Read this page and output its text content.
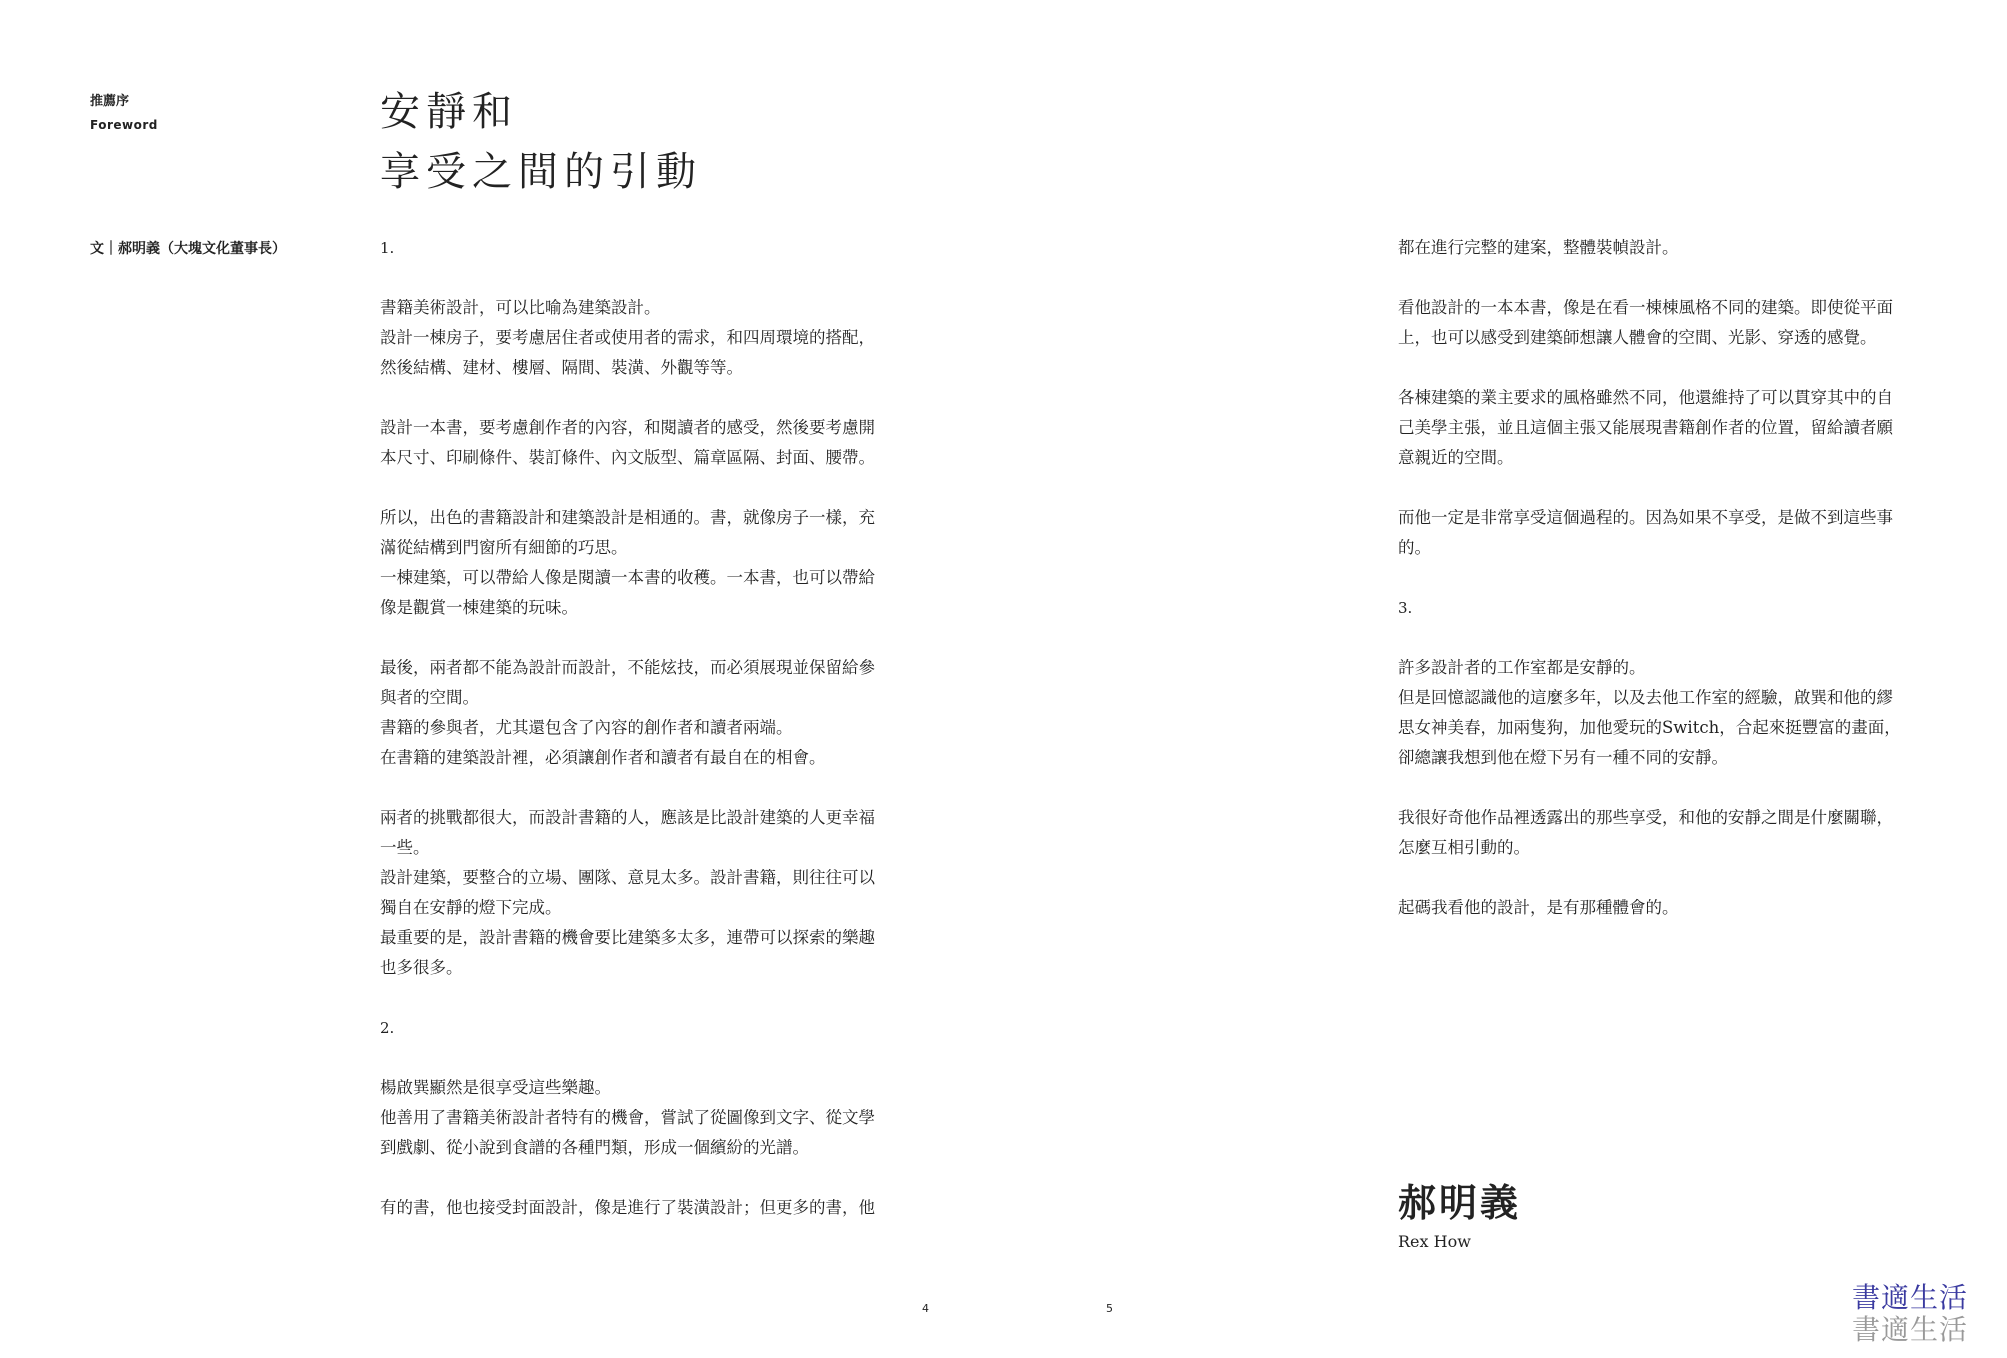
推薦序
Foreword
文｜郝明義（大塊文化董事長）
安靜和
享受之間的引動

1.

書籍美術設計，可以比喻為建築設計。
設計一棟房子，要考慮居住者或使用者的需求，和四周環境的搭配，
然後結構、建材、樓層、隔間、裝潢、外觀等等。

設計一本書，要考慮創作者的內容，和閱讀者的感受，然後要考慮開
本尺寸、印刷條件、裝訂條件、內文版型、篇章區隔、封面、腰帶。

所以，出色的書籍設計和建築設計是相通的。書，就像房子一樣，充
滿從結構到門窗所有細節的巧思。
一棟建築，可以帶給人像是閱讀一本書的收穫。一本書，也可以帶給
像是觀賞一棟建築的玩味。

最後，兩者都不能為設計而設計，不能炫技，而必須展現並保留給參
與者的空間。
書籍的參與者，尤其還包含了內容的創作者和讀者兩端。
在書籍的建築設計裡，必須讓創作者和讀者有最自在的相會。

兩者的挑戰都很大，而設計書籍的人，應該是比設計建築的人更幸福
一些。
設計建築，要整合的立場、團隊、意見太多。設計書籍，則往往可以
獨自在安靜的燈下完成。
最重要的是，設計書籍的機會要比建築多太多，連帶可以探索的樂趣
也多很多。

2.

楊啟巽顯然是很享受這些樂趣。
他善用了書籍美術設計者特有的機會，嘗試了從圖像到文字、從文學
到戲劇、從小說到食譜的各種門類，形成一個繽紛的光譜。

有的書，他也接受封面設計，像是進行了裝潢設計；但更多的書，他

都在進行完整的建案，整體裝幀設計。

看他設計的一本本書，像是在看一棟棟風格不同的建築。即使從平面
上，也可以感受到建築師想讓人體會的空間、光影、穿透的感覺。

各棟建築的業主要求的風格雖然不同，他還維持了可以貫穿其中的自
己美學主張，並且這個主張又能展現書籍創作者的位置，留給讀者願
意親近的空間。

而他一定是非常享受這個過程的。因為如果不享受，是做不到這些事
的。

3.

許多設計者的工作室都是安靜的。
但是回憶認識他的這麼多年，以及去他工作室的經驗，啟巽和他的繆
思女神美春，加兩隻狗，加他愛玩的Switch，合起來挺豐富的畫面，
卻總讓我想到他在燈下另有一種不同的安靜。

我很好奇他作品裡透露出的那些享受，和他的安靜之間是什麼關聯，
怎麼互相引動的。

起碼我看他的設計，是有那種體會的。

郝明義
Rex How
4	5	書適生活
書適生活
